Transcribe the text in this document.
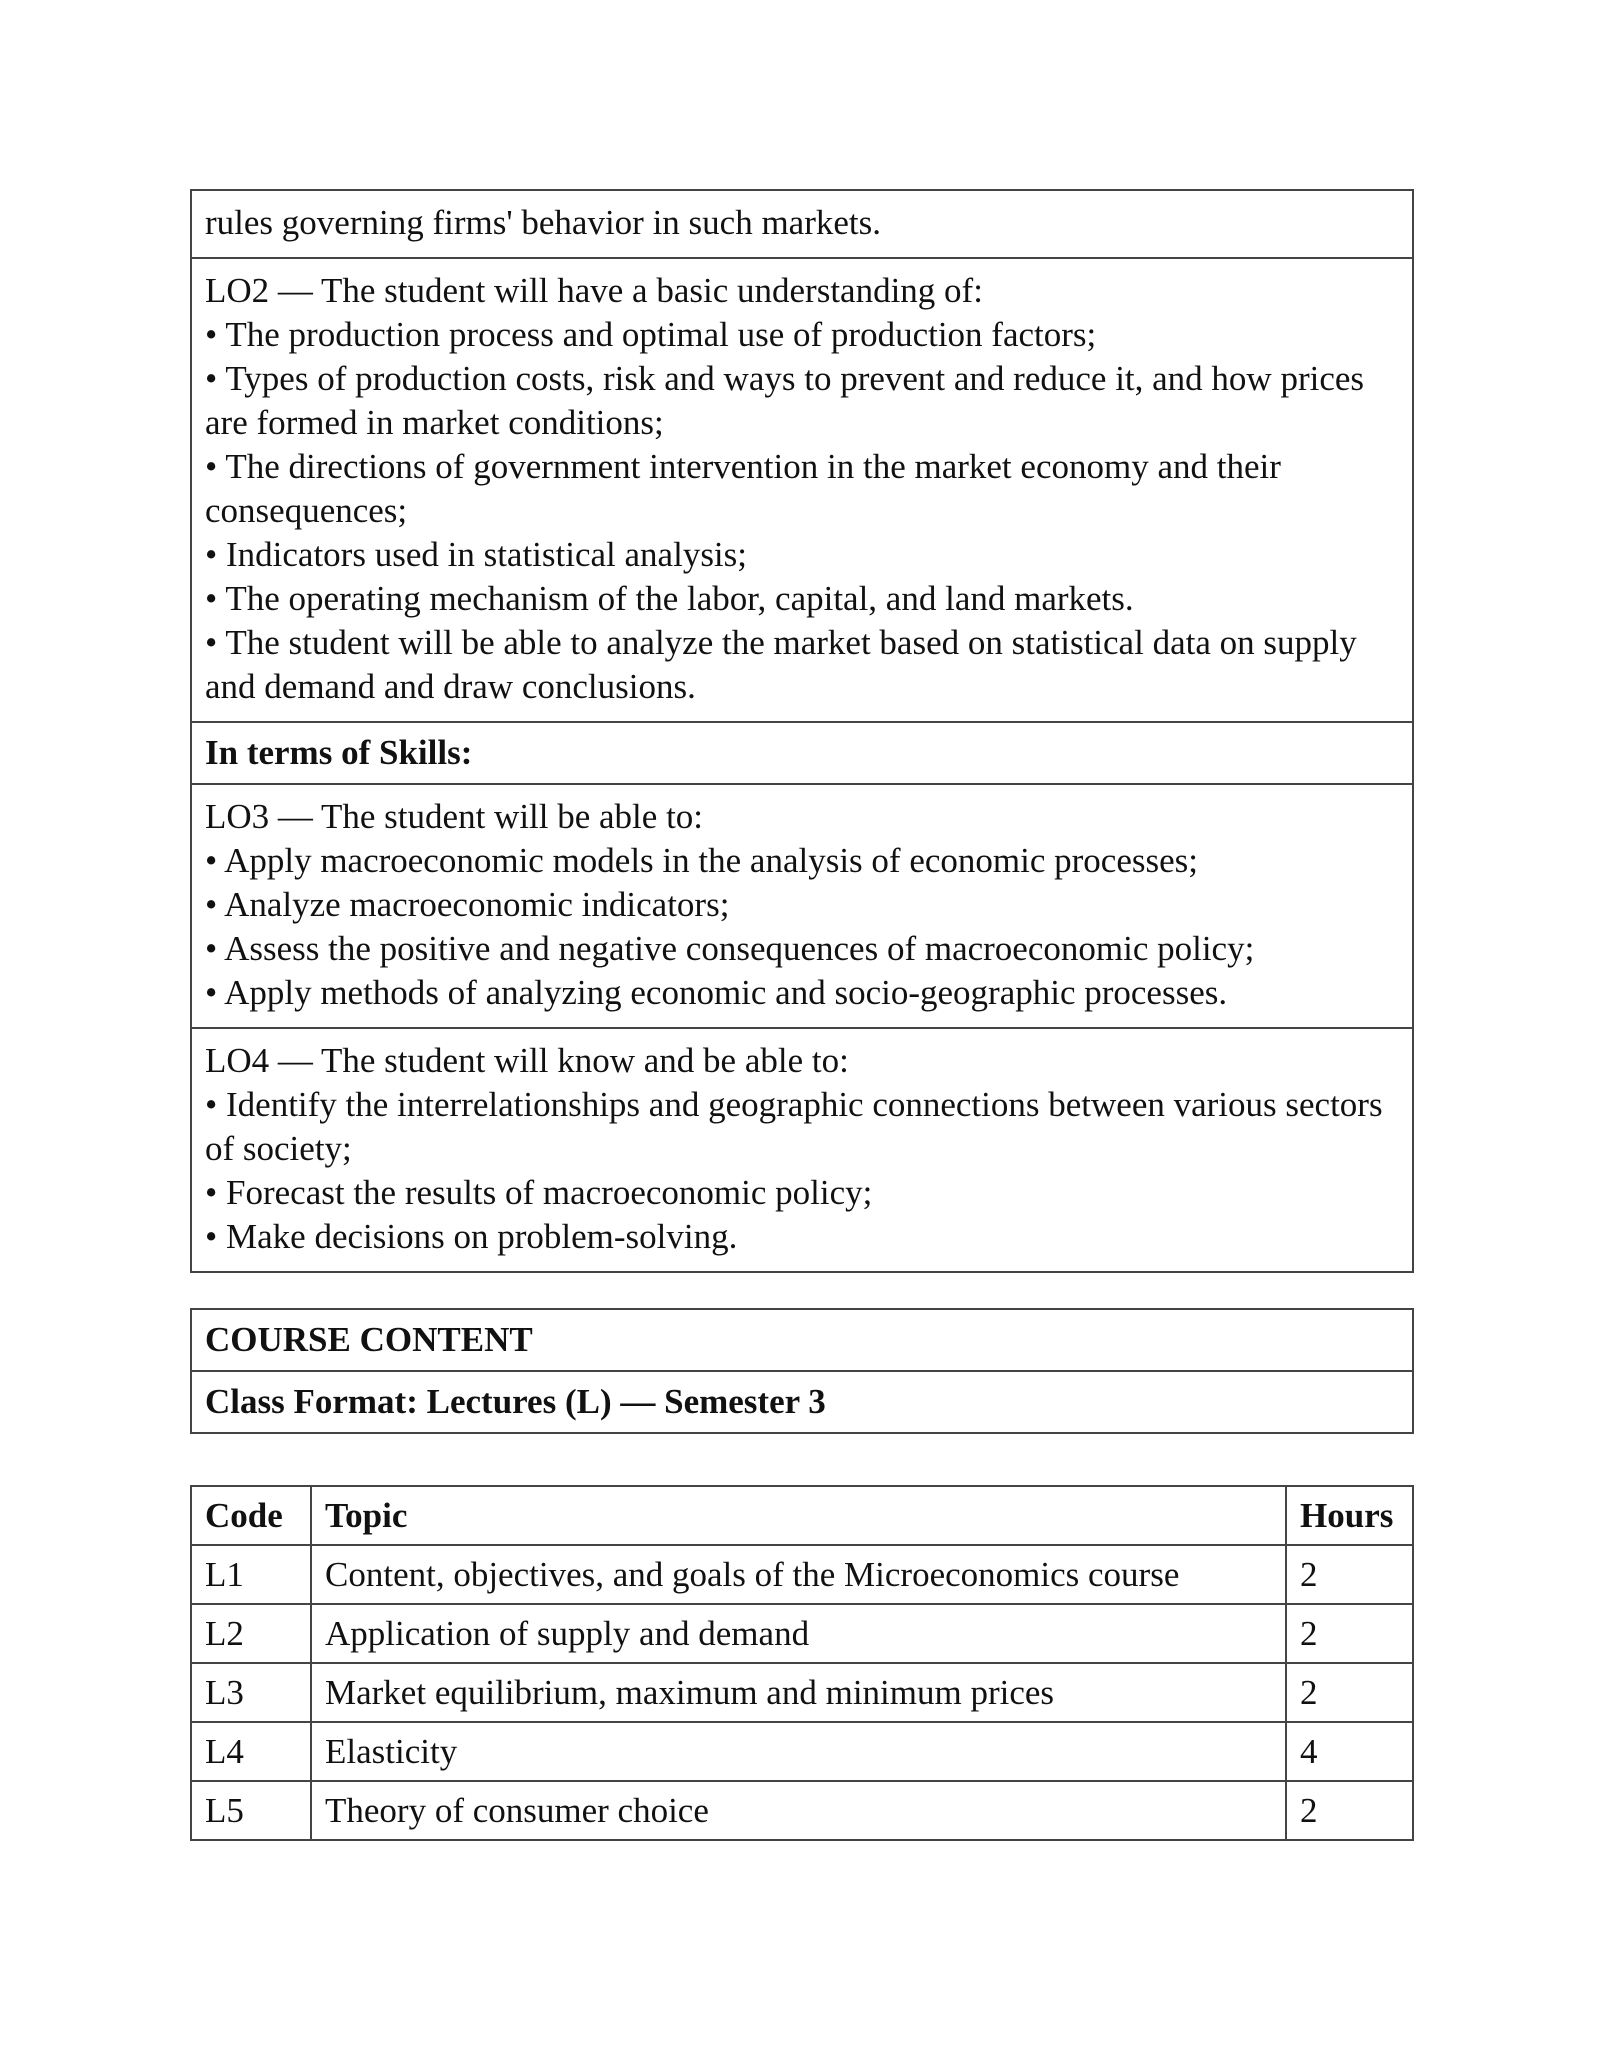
rules governing firms' behavior in such markets.

LO2 — The student will have a basic understanding of:
• The production process and optimal use of production factors;
• Types of production costs, risk and ways to prevent and reduce it, and how prices are formed in market conditions;
• The directions of government intervention in the market economy and their consequences;
• Indicators used in statistical analysis;
• The operating mechanism of the labor, capital, and land markets.
• The student will be able to analyze the market based on statistical data on supply and demand and draw conclusions.

In terms of Skills:

LO3 — The student will be able to:
• Apply macroeconomic models in the analysis of economic processes;
• Analyze macroeconomic indicators;
• Assess the positive and negative consequences of macroeconomic policy;
• Apply methods of analyzing economic and socio-geographic processes.

LO4 — The student will know and be able to:
• Identify the interrelationships and geographic connections between various sectors of society;
• Forecast the results of macroeconomic policy;
• Make decisions on problem-solving.
COURSE CONTENT
Class Format: Lectures (L) — Semester 3
Code	Topic	Hours
L1	Content, objectives, and goals of the Microeconomics course	2
L2	Application of supply and demand	2
L3	Market equilibrium, maximum and minimum prices	2
L4	Elasticity	4
L5	Theory of consumer choice	2
